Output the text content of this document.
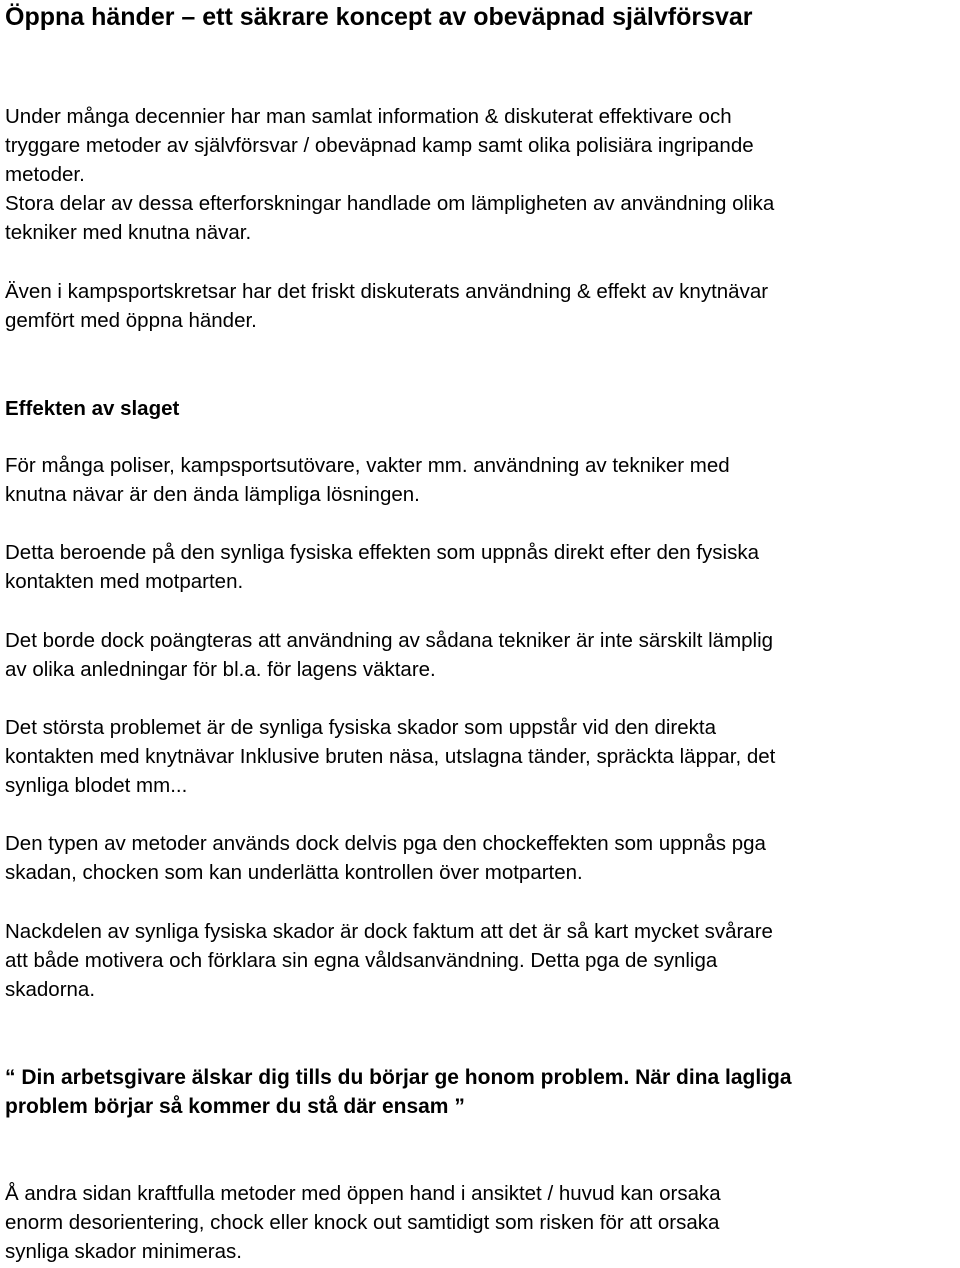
Öppna händer – ett säkrare koncept av obeväpnad självförsvar

Under många decennier har man samlat information & diskuterat effektivare och
tryggare metoder av självförsvar / obeväpnad kamp samt olika polisiära ingripande
metoder.

Stora delar av dessa efterforskningar handlade om lämpligheten av användning olika
tekniker med knutna nävar.

Även i kampsportskretsar har det friskt diskuterats användning & effekt av knytnävar
gemfört med öppna händer.

Effekten av slaget

För många poliser, kampsportsutövare, vakter mm. användning av tekniker med
knutna nävar är den ända lämpliga lösningen.

Detta beroende på den synliga fysiska effekten som uppnås direkt efter den fysiska
kontakten med motparten.

Det borde dock poängteras att användning av sådana tekniker är inte särskilt lämplig
av olika anledningar för bl.a. för lagens väktare.

Det största problemet är de synliga fysiska skador som uppstår vid den direkta
kontakten med knytnävar Inklusive bruten näsa, utslagna tänder, spräckta läppar, det
synliga blodet mm...

Den typen av metoder används dock delvis pga den chockeffekten som uppnås pga
skadan, chocken som kan underlätta kontrollen över motparten.

Nackdelen av synliga fysiska skador är dock faktum att det är så kart mycket svårare
att både motivera och förklara sin egna våldsanvändning. Detta pga de synliga
skadorna.

“ Din arbetsgivare älskar dig tills du börjar ge honom problem. När dina lagliga
problem börjar så kommer du stå där ensam ”

Å andra sidan kraftfulla metoder med öppen hand i ansiktet / huvud kan orsaka
enorm desorientering, chock eller knock out samtidigt som risken för att orsaka
synliga skador minimeras.
